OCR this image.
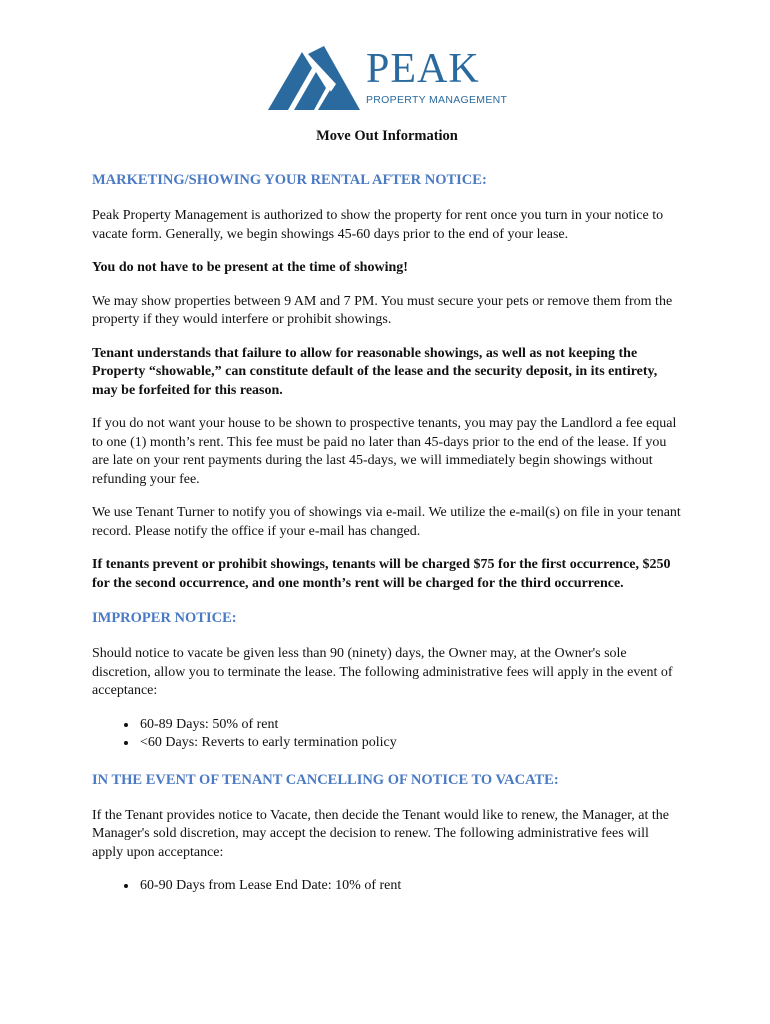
PEAK
PROPERTY MANAGEMENT
Move Out Information
MARKETING/SHOWING YOUR RENTAL AFTER NOTICE:

Peak Property Management is authorized to show the property for rent once you turn in your notice to vacate form. Generally, we begin showings 45-60 days prior to the end of your lease.

You do not have to be present at the time of showing!

We may show properties between 9 AM and 7 PM. You must secure your pets or remove them from the property if they would interfere or prohibit showings.

Tenant understands that failure to allow for reasonable showings, as well as not keeping the Property “showable,” can constitute default of the lease and the security deposit, in its entirety, may be forfeited for this reason.

If you do not want your house to be shown to prospective tenants, you may pay the Landlord a fee equal to one (1) month’s rent. This fee must be paid no later than 45-days prior to the end of the lease. If you are late on your rent payments during the last 45-days, we will immediately begin showings without refunding your fee.

We use Tenant Turner to notify you of showings via e-mail. We utilize the e-mail(s) on file in your tenant record. Please notify the office if your e-mail has changed.

If tenants prevent or prohibit showings, tenants will be charged $75 for the first occurrence, $250 for the second occurrence, and one month’s rent will be charged for the third occurrence.

IMPROPER NOTICE:

Should notice to vacate be given less than 90 (ninety) days, the Owner may, at the Owner's sole discretion, allow you to terminate the lease. The following administrative fees will apply in the event of acceptance:

• 60-89 Days: 50% of rent
• <60 Days: Reverts to early termination policy
IN THE EVENT OF TENANT CANCELLING OF NOTICE TO VACATE:

If the Tenant provides notice to Vacate, then decide the Tenant would like to renew, the Manager, at the Manager's sold discretion, may accept the decision to renew. The following administrative fees will apply upon acceptance:

• 60-90 Days from Lease End Date: 10% of rent
